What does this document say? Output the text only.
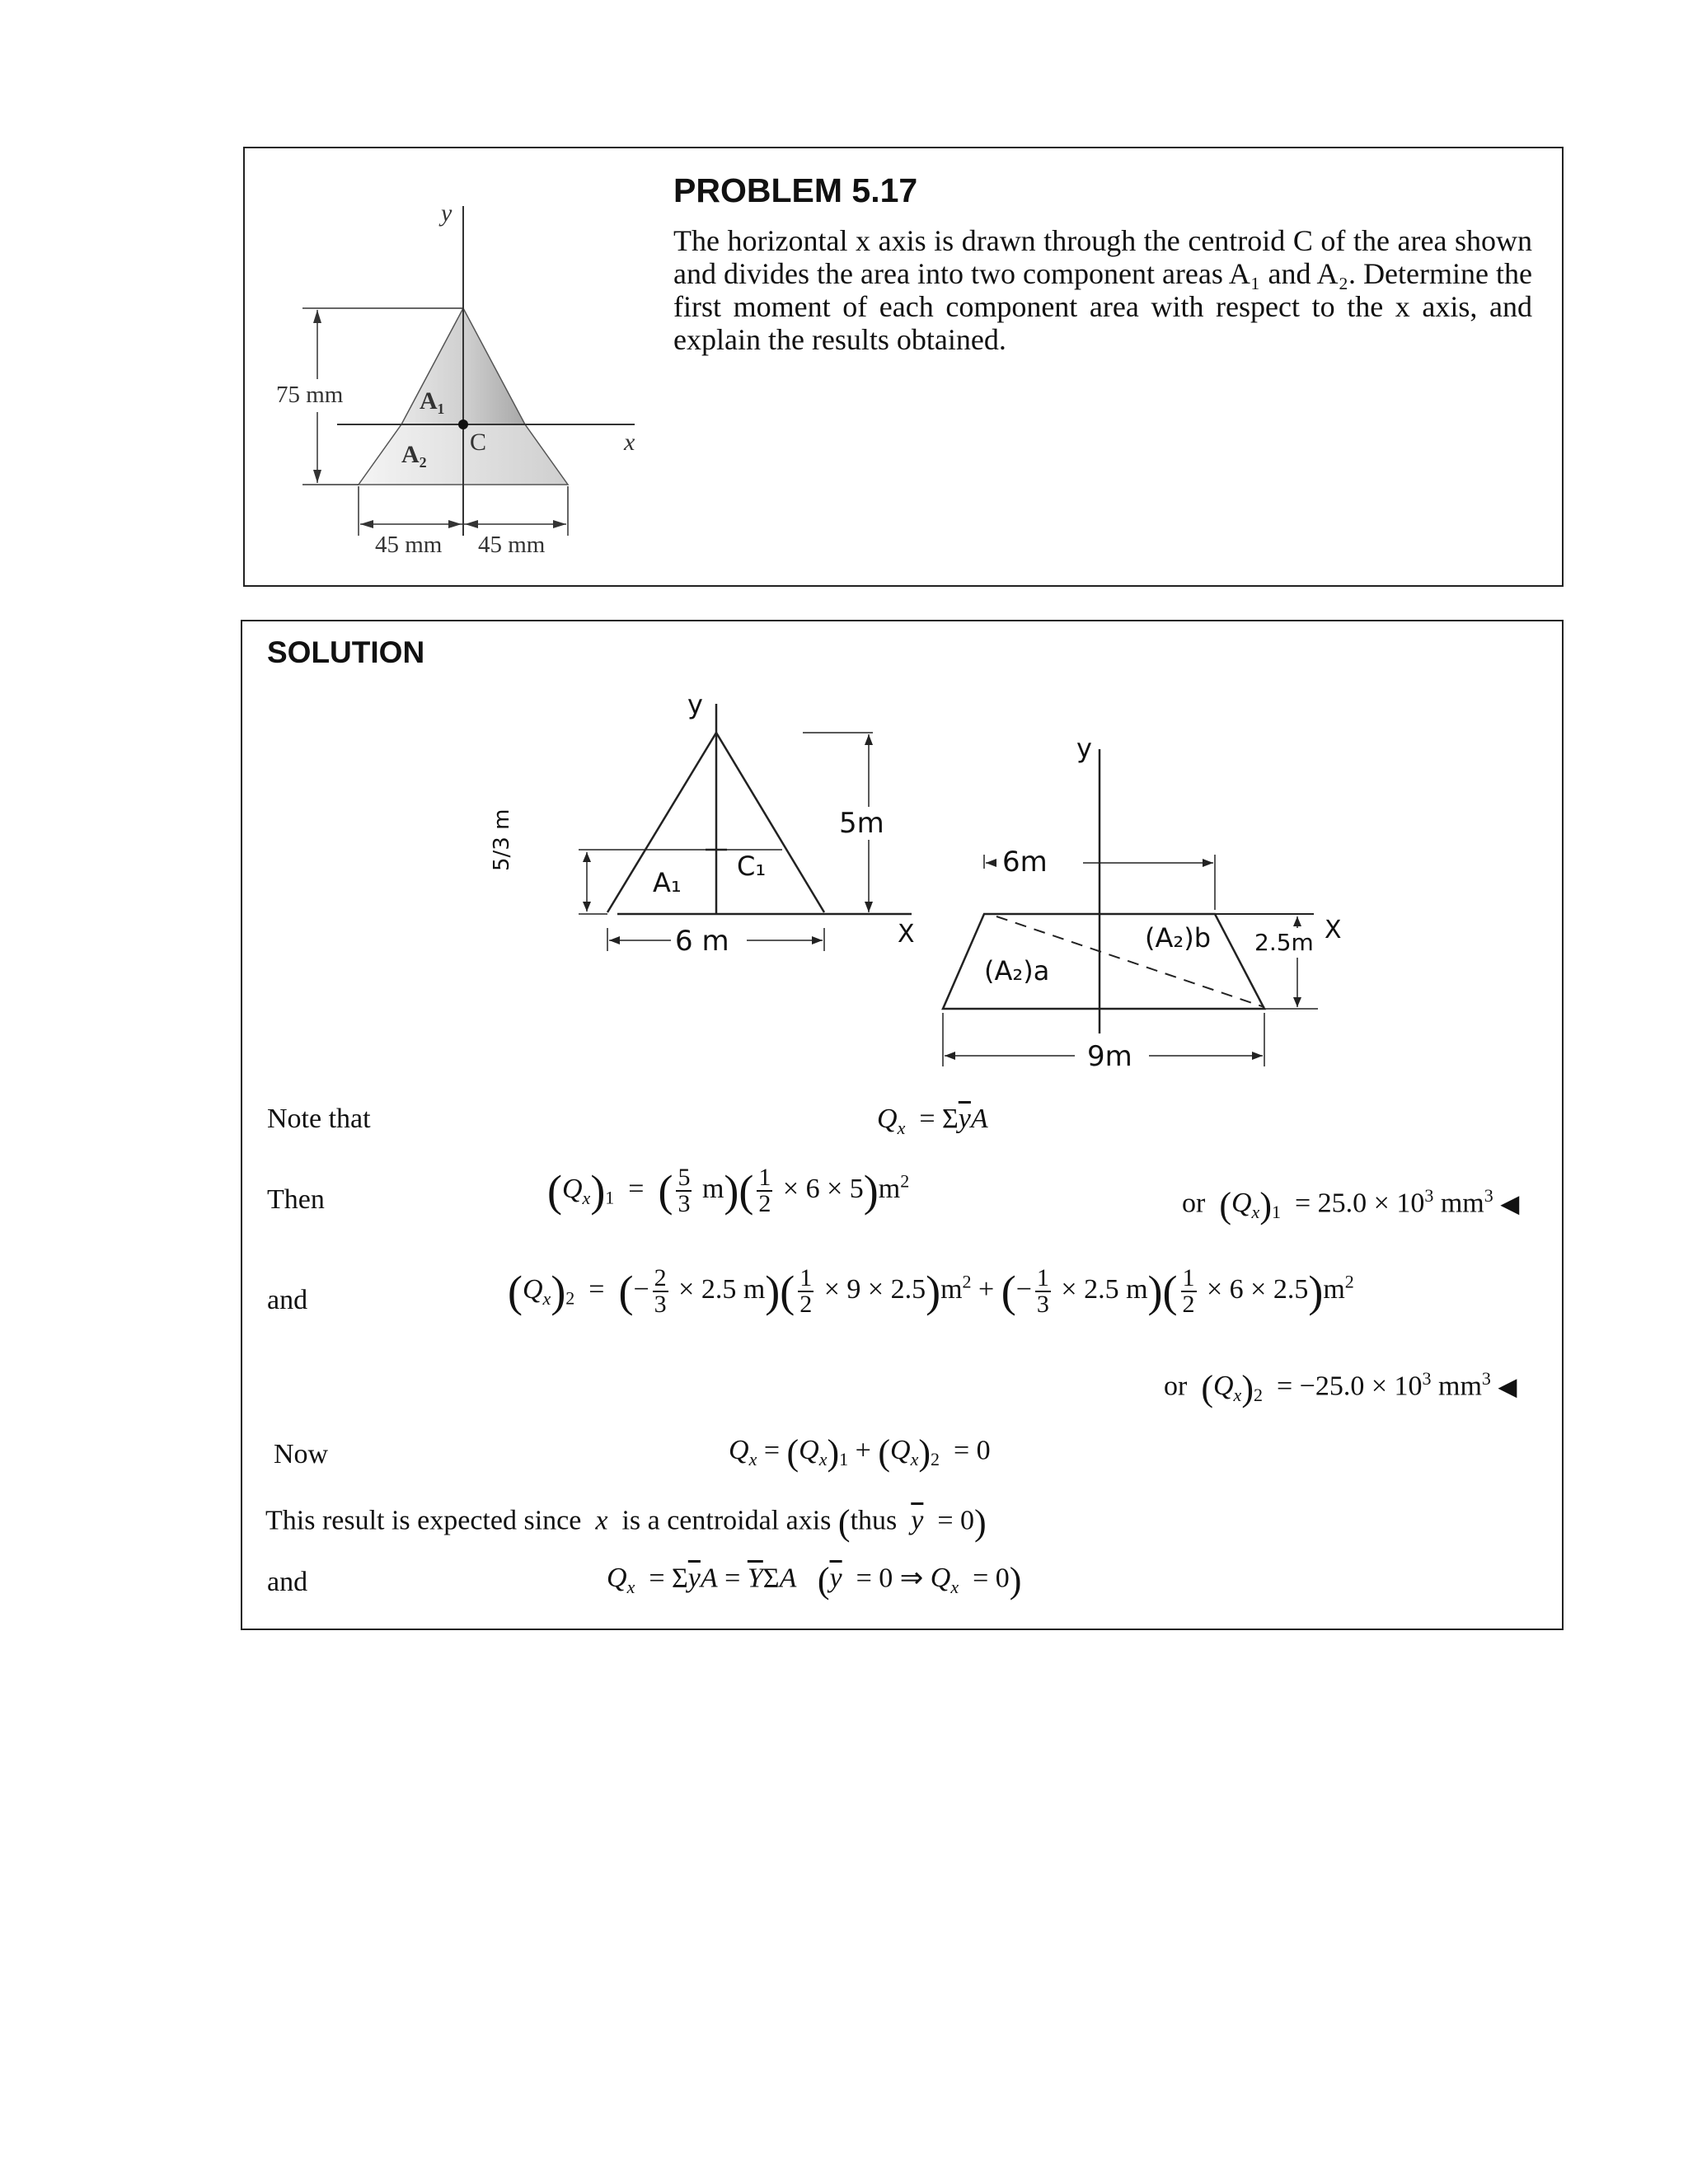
75 mm
45 mm 45 mm
A₁
A₂ C	x
y
PROBLEM 5.17
The horizontal x axis is drawn through the centroid C of the area shown and divides the area into two component areas A₁ and A₂. Determine the first moment of each component area with respect to the x axis, and explain the results obtained.
SOLUTION
y
5m
5/3 m
A₁
C₁
6 m	X
y
6m
(A₂)a
(A₂)b 2.5m X
9m
Note that	$Q_x = \Sigma\overline{y}A$
Then	$(Q_x)_1$  =  ( $\frac{5}{3} m)( \frac{1}{2} \times 6 \times 5)m^2$
or $(Q_x)_1 = 25.0 \times 10^3$ $mm^3$ ◀
and	$(Q_x)_2$  =  (− $\frac{2}{3} \times 2.5$ $m)( \frac{1}{2} \times 9 \times 2.5)m^2$ + (− $\frac{1}{3} \times 2.5$ $m)( \frac{1}{2} \times 6 \times 2.5)m^2$
or $(Q_x)_2 = -25.0 \times 10^3$ $mm^3$ ◀
Now	$Q_x = (Q_x)_1 + (Q_x)_2 = 0$
This result is expected since x  is a centroidal axis (thus  $\overline{y} = 0$)
and	$Q_x = \Sigma\overline{y}A = \overline{Y}\Sigma A$ ($\overline{y} = 0$ ⇒ $Q_x = 0$)
